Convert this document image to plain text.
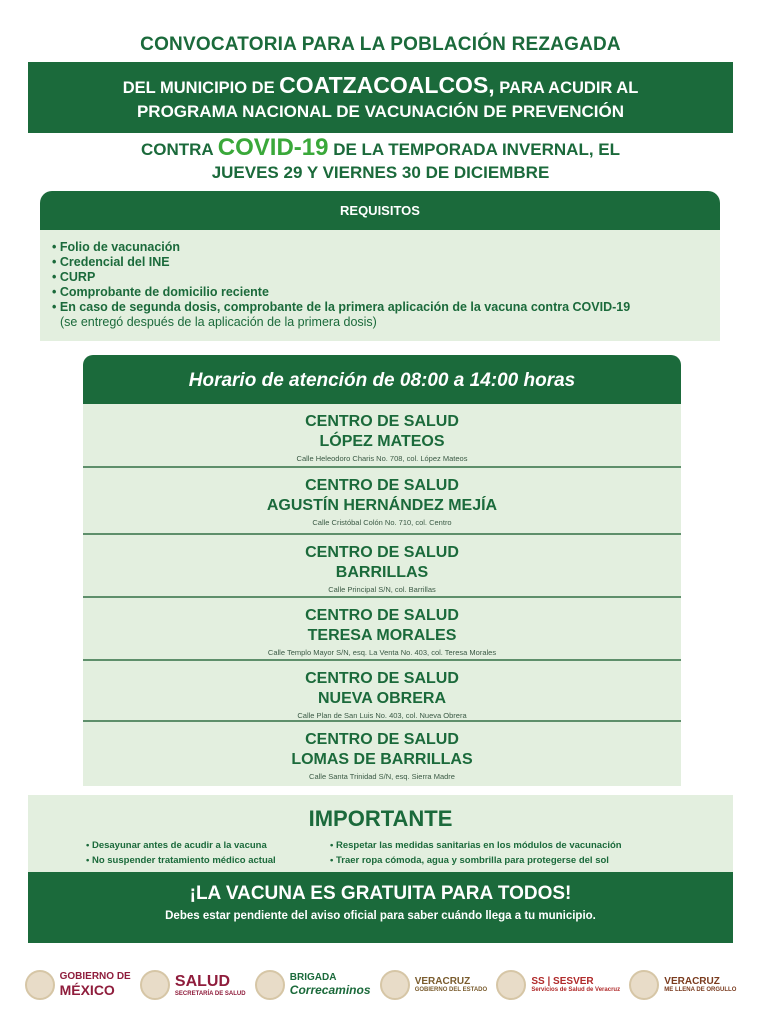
CONVOCATORIA PARA LA POBLACIÓN REZAGADA
DEL MUNICIPIO DE COATZACOALCOS, PARA ACUDIR AL
PROGRAMA NACIONAL DE VACUNACIÓN DE PREVENCIÓN
CONTRA COVID-19 DE LA TEMPORADA INVERNAL, EL
JUEVES 29 Y VIERNES 30 DE DICIEMBRE
REQUISITOS
• Folio de vacunación
• Credencial del INE
• CURP
• Comprobante de domicilio reciente
• En caso de segunda dosis, comprobante de la primera aplicación de la vacuna contra COVID-19
(se entregó después de la aplicación de la primera dosis)
Horario de atención de 08:00 a 14:00 horas
CENTRO DE SALUD
LÓPEZ MATEOS
Calle Heleodoro Charis No. 708, col. López Mateos
CENTRO DE SALUD
AGUSTÍN HERNÁNDEZ MEJÍA
Calle Cristóbal Colón No. 710, col. Centro
CENTRO DE SALUD
BARRILLAS
Calle Principal S/N, col. Barrillas
CENTRO DE SALUD
TERESA MORALES
Calle Templo Mayor S/N, esq. La Venta No. 403, col. Teresa Morales
CENTRO DE SALUD
NUEVA OBRERA
Calle Plan de San Luis No. 403, col. Nueva Obrera
CENTRO DE SALUD
LOMAS DE BARRILLAS
Calle Santa Trinidad S/N, esq. Sierra Madre
IMPORTANTE
• Desayunar antes de acudir a la vacuna
• No suspender tratamiento médico actual
• Respetar las medidas sanitarias en los módulos de vacunación
• Traer ropa cómoda, agua y sombrilla para protegerse del sol
¡LA VACUNA ES GRATUITA PARA TODOS!
Debes estar pendiente del aviso oficial para saber cuándo llega a tu municipio.
GOBIERNO DE
MÉXICO
SALUD
SECRETARÍA DE SALUD
BRIGADA
Correcaminos
VERACRUZ
GOBIERNO DEL ESTADO
SS | SESVER
Servicios de Salud de Veracruz
VERACRUZ
ME LLENA DE ORGULLO
